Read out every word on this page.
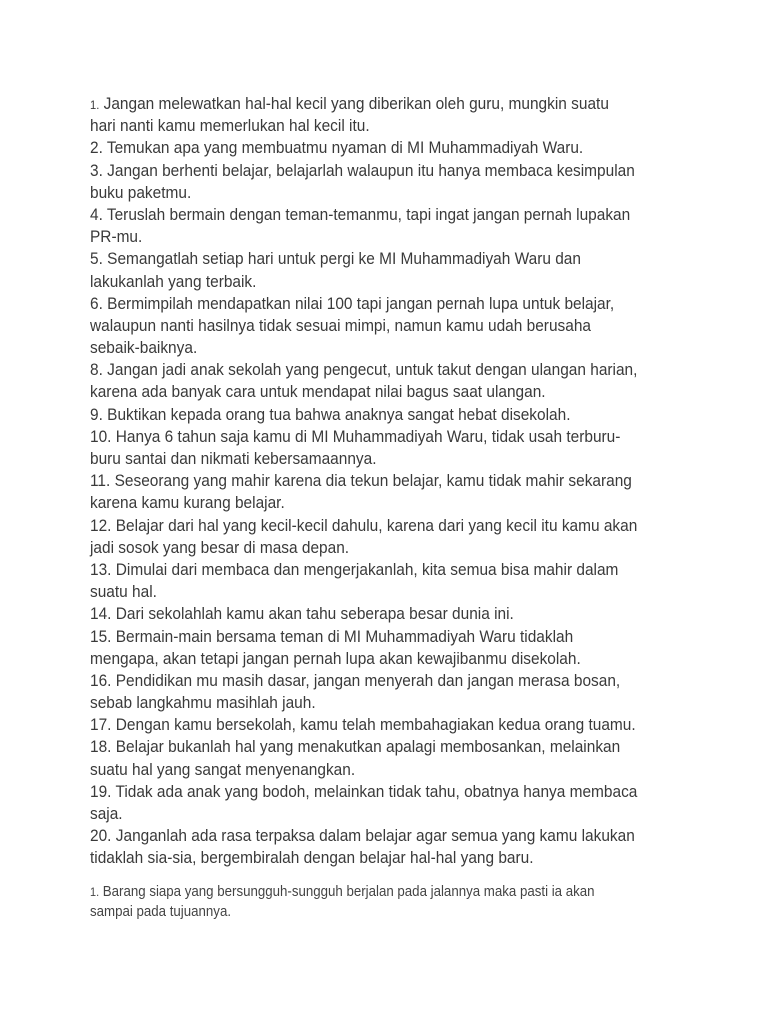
1. Jangan melewatkan hal-hal kecil yang diberikan oleh guru, mungkin suatu
hari nanti kamu memerlukan hal kecil itu.
2. Temukan apa yang membuatmu nyaman di MI Muhammadiyah Waru.
3. Jangan berhenti belajar, belajarlah walaupun itu hanya membaca kesimpulan
buku paketmu.
4. Teruslah bermain dengan teman-temanmu, tapi ingat jangan pernah lupakan
PR-mu.
5. Semangatlah setiap hari untuk pergi ke MI Muhammadiyah Waru dan
lakukanlah yang terbaik.
6. Bermimpilah mendapatkan nilai 100 tapi jangan pernah lupa untuk belajar,
walaupun nanti hasilnya tidak sesuai mimpi, namun kamu udah berusaha
sebaik-baiknya.
8. Jangan jadi anak sekolah yang pengecut, untuk takut dengan ulangan harian,
karena ada banyak cara untuk mendapat nilai bagus saat ulangan.
9. Buktikan kepada orang tua bahwa anaknya sangat hebat disekolah.
10. Hanya 6 tahun saja kamu di MI Muhammadiyah Waru, tidak usah terburu-
buru santai dan nikmati kebersamaannya.
11. Seseorang yang mahir karena dia tekun belajar, kamu tidak mahir sekarang
karena kamu kurang belajar.
12. Belajar dari hal yang kecil-kecil dahulu, karena dari yang kecil itu kamu akan
jadi sosok yang besar di masa depan.
13. Dimulai dari membaca dan mengerjakanlah, kita semua bisa mahir dalam
suatu hal.
14. Dari sekolahlah kamu akan tahu seberapa besar dunia ini.
15. Bermain-main bersama teman di MI Muhammadiyah Waru tidaklah
mengapa, akan tetapi jangan pernah lupa akan kewajibanmu disekolah.
16. Pendidikan mu masih dasar, jangan menyerah dan jangan merasa bosan,
sebab langkahmu masihlah jauh.
17. Dengan kamu bersekolah, kamu telah membahagiakan kedua orang tuamu.
18. Belajar bukanlah hal yang menakutkan apalagi membosankan, melainkan
suatu hal yang sangat menyenangkan.
19. Tidak ada anak yang bodoh, melainkan tidak tahu, obatnya hanya membaca
saja.
20. Janganlah ada rasa terpaksa dalam belajar agar semua yang kamu lakukan
tidaklah sia-sia, bergembiralah dengan belajar hal-hal yang baru.
1. Barang siapa yang bersungguh-sungguh berjalan pada jalannya maka pasti ia akan
sampai pada tujuannya.
